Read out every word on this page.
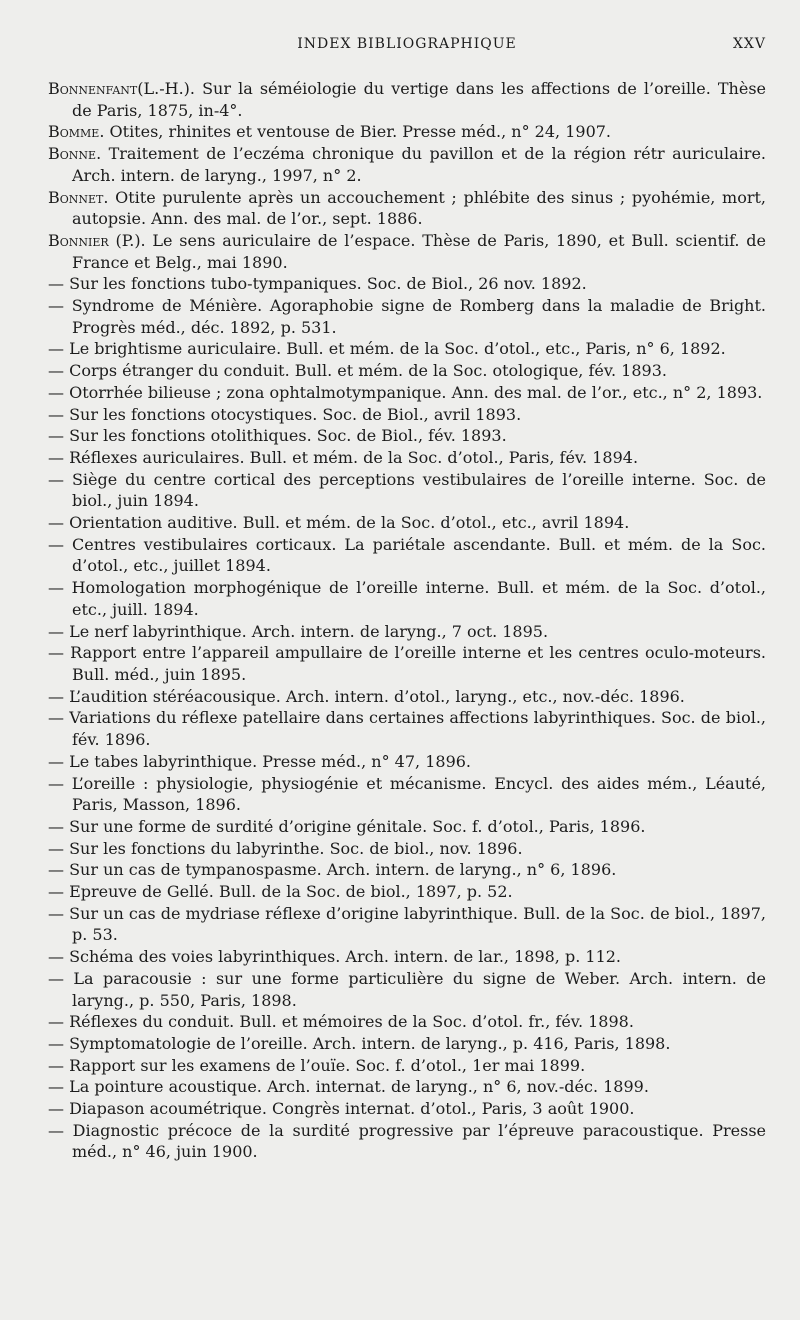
INDEX BIBLIOGRAPHIQUE	XXV
Bonnenfant(L.-H.). Sur la séméiologie du vertige dans les affections de l’oreille. Thèse de Paris, 1875, in-4°.
Bomme. Otites, rhinites et ventouse de Bier. Presse méd., n° 24, 1907.
Bonne. Traitement de l’eczéma chronique du pavillon et de la région rétr auriculaire. Arch. intern. de laryng., 1997, n° 2.
Bonnet. Otite purulente après un accouchement ; phlébite des sinus ; pyohémie, mort, autopsie. Ann. des mal. de l’or., sept. 1886.
Bonnier (P.). Le sens auriculaire de l’espace. Thèse de Paris, 1890, et Bull. scientif. de France et Belg., mai 1890.
— Sur les fonctions tubo-tympaniques. Soc. de Biol., 26 nov. 1892.
— Syndrome de Ménière. Agoraphobie signe de Romberg dans la maladie de Bright. Progrès méd., déc. 1892, p. 531.
— Le brightisme auriculaire. Bull. et mém. de la Soc. d’otol., etc., Paris, n° 6, 1892.
— Corps étranger du conduit. Bull. et mém. de la Soc. otologique, fév. 1893.
— Otorrhée bilieuse ; zona ophtalmotympanique. Ann. des mal. de l’or., etc., n° 2, 1893.
— Sur les fonctions otocystiques. Soc. de Biol., avril 1893.
— Sur les fonctions otolithiques. Soc. de Biol., fév. 1893.
— Réflexes auriculaires. Bull. et mém. de la Soc. d’otol., Paris, fév. 1894.
— Siège du centre cortical des perceptions vestibulaires de l’oreille interne. Soc. de biol., juin 1894.
— Orientation auditive. Bull. et mém. de la Soc. d’otol., etc., avril 1894.
— Centres vestibulaires corticaux. La pariétale ascendante. Bull. et mém. de la Soc. d’otol., etc., juillet 1894.
— Homologation morphogénique de l’oreille interne. Bull. et mém. de la Soc. d’otol., etc., juill. 1894.
— Le nerf labyrinthique. Arch. intern. de laryng., 7 oct. 1895.
— Rapport entre l’appareil ampullaire de l’oreille interne et les centres oculo-moteurs. Bull. méd., juin 1895.
— L’audition stéréacousique. Arch. intern. d’otol., laryng., etc., nov.-déc. 1896.
— Variations du réflexe patellaire dans certaines affections labyrinthiques. Soc. de biol., fév. 1896.
— Le tabes labyrinthique. Presse méd., n° 47, 1896.
— L’oreille : physiologie, physiogénie et mécanisme. Encycl. des aides mém., Léauté, Paris, Masson, 1896.
— Sur une forme de surdité d’origine génitale. Soc. f. d’otol., Paris, 1896.
— Sur les fonctions du labyrinthe. Soc. de biol., nov. 1896.
— Sur un cas de tympanospasme. Arch. intern. de laryng., n° 6, 1896.
— Epreuve de Gellé. Bull. de la Soc. de biol., 1897, p. 52.
— Sur un cas de mydriase réflexe d’origine labyrinthique. Bull. de la Soc. de biol., 1897, p. 53.
— Schéma des voies labyrinthiques. Arch. intern. de lar., 1898, p. 112.
— La paracousie : sur une forme particulière du signe de Weber. Arch. intern. de laryng., p. 550, Paris, 1898.
— Réflexes du conduit. Bull. et mémoires de la Soc. d’otol. fr., fév. 1898.
— Symptomatologie de l’oreille. Arch. intern. de laryng., p. 416, Paris, 1898.
— Rapport sur les examens de l’ouïe. Soc. f. d’otol., 1er mai 1899.
— La pointure acoustique. Arch. internat. de laryng., n° 6, nov.-déc. 1899.
— Diapason acoumétrique. Congrès internat. d’otol., Paris, 3 août 1900.
— Diagnostic précoce de la surdité progressive par l’épreuve paracoustique. Presse méd., n° 46, juin 1900.
